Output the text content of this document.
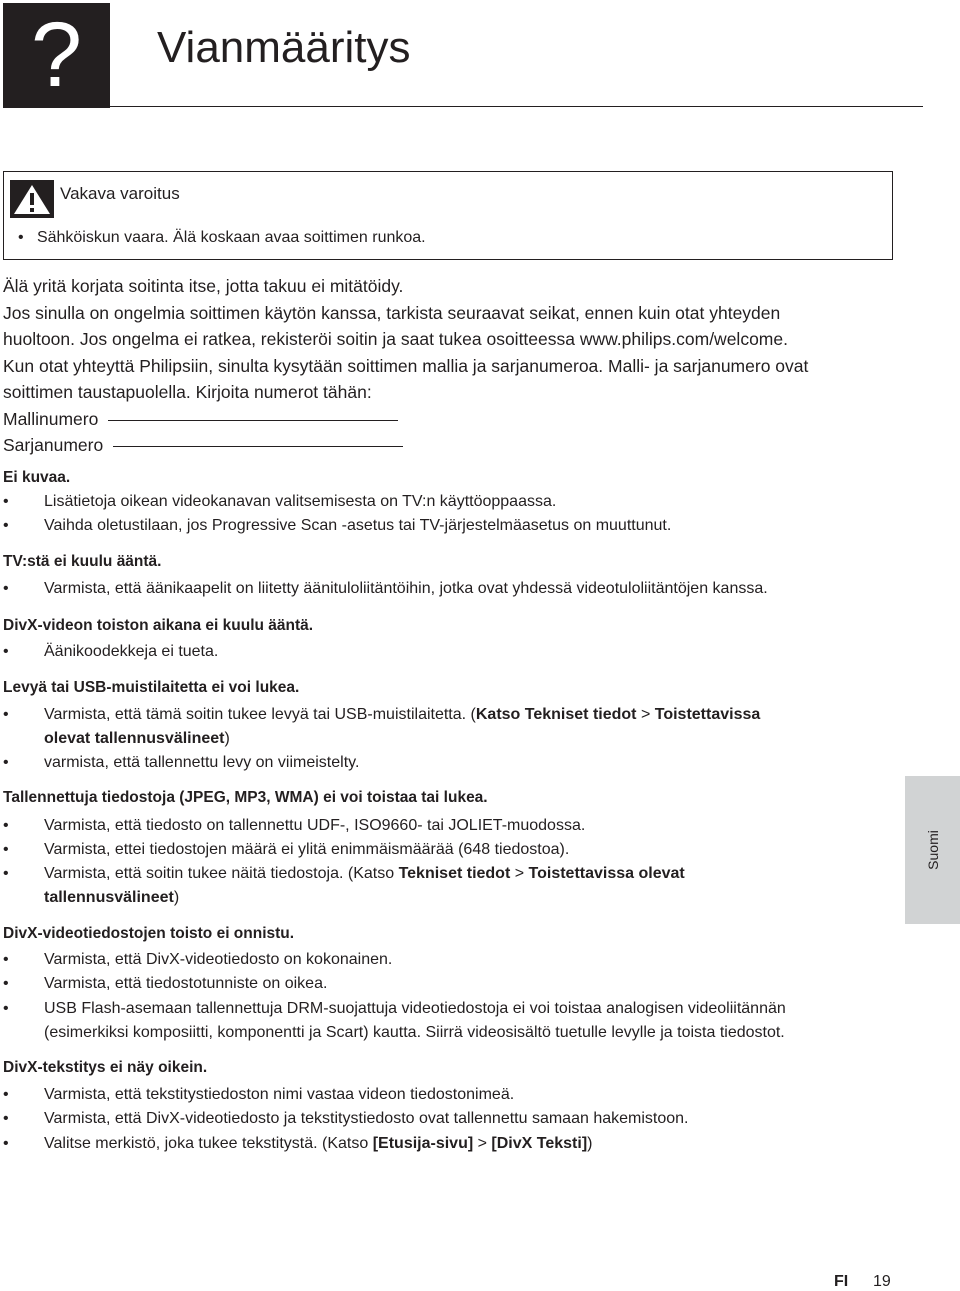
?	Vianmääritys
Vakava varoitus
•   Sähköiskun vaara. Älä koskaan avaa soittimen runkoa.
Älä yritä korjata soitinta itse, jotta takuu ei mitätöidy.
Jos sinulla on ongelmia soittimen käytön kanssa, tarkista seuraavat seikat, ennen kuin otat yhteyden
huoltoon. Jos ongelma ei ratkea, rekisteröi soitin ja saat tukea osoitteessa www.philips.com/welcome.
Kun otat yhteyttä Philipsiin, sinulta kysytään soittimen mallia ja sarjanumeroa. Malli- ja sarjanumero ovat
soittimen taustapuolella. Kirjoita numerot tähän:
Mallinumero
Sarjanumero
Ei kuvaa.
• Lisätietoja oikean videokanavan valitsemisesta on TV:n käyttöoppaassa.
• Vaihda oletustilaan, jos Progressive Scan -asetus tai TV-järjestelmäasetus on muuttunut.
TV:stä ei kuulu ääntä.
• Varmista, että äänikaapelit on liitetty äänituloliitäntöihin, jotka ovat yhdessä videotuloliitäntöjen kanssa.
DivX-videon toiston aikana ei kuulu ääntä.
• Äänikoodekkeja ei tueta.
Levyä tai USB-muistilaitetta ei voi lukea.
• Varmista, että tämä soitin tukee levyä tai USB-muistilaitetta. (Katso Tekniset tiedot > Toistettavissa
olevat tallennusvälineet)
• varmista, että tallennettu levy on viimeistelty.
Tallennettuja tiedostoja (JPEG, MP3, WMA) ei voi toistaa tai lukea.
• Varmista, että tiedosto on tallennettu UDF-, ISO9660- tai JOLIET-muodossa.
• Varmista, ettei tiedostojen määrä ei ylitä enimmäismäärää (648 tiedostoa).
• Varmista, että soitin tukee näitä tiedostoja. (Katso Tekniset tiedot > Toistettavissa olevat
tallennusvälineet)
DivX-videotiedostojen toisto ei onnistu.
• Varmista, että DivX-videotiedosto on kokonainen.
• Varmista, että tiedostotunniste on oikea.
• USB Flash-asemaan tallennettuja DRM-suojattuja videotiedostoja ei voi toistaa analogisen videoliitännän
(esimerkiksi komposiitti, komponentti ja Scart) kautta. Siirrä videosisältö tuetulle levylle ja toista tiedostot.
DivX-tekstitys ei näy oikein.
• Varmista, että tekstitystiedoston nimi vastaa videon tiedostonimeä.
• Varmista, että DivX-videotiedosto ja tekstitystiedosto ovat tallennettu samaan hakemistoon.
• Valitse merkistö, joka tukee tekstitystä. (Katso [Etusija-sivu] > [DivX Teksti])
Suomi
FI 19
